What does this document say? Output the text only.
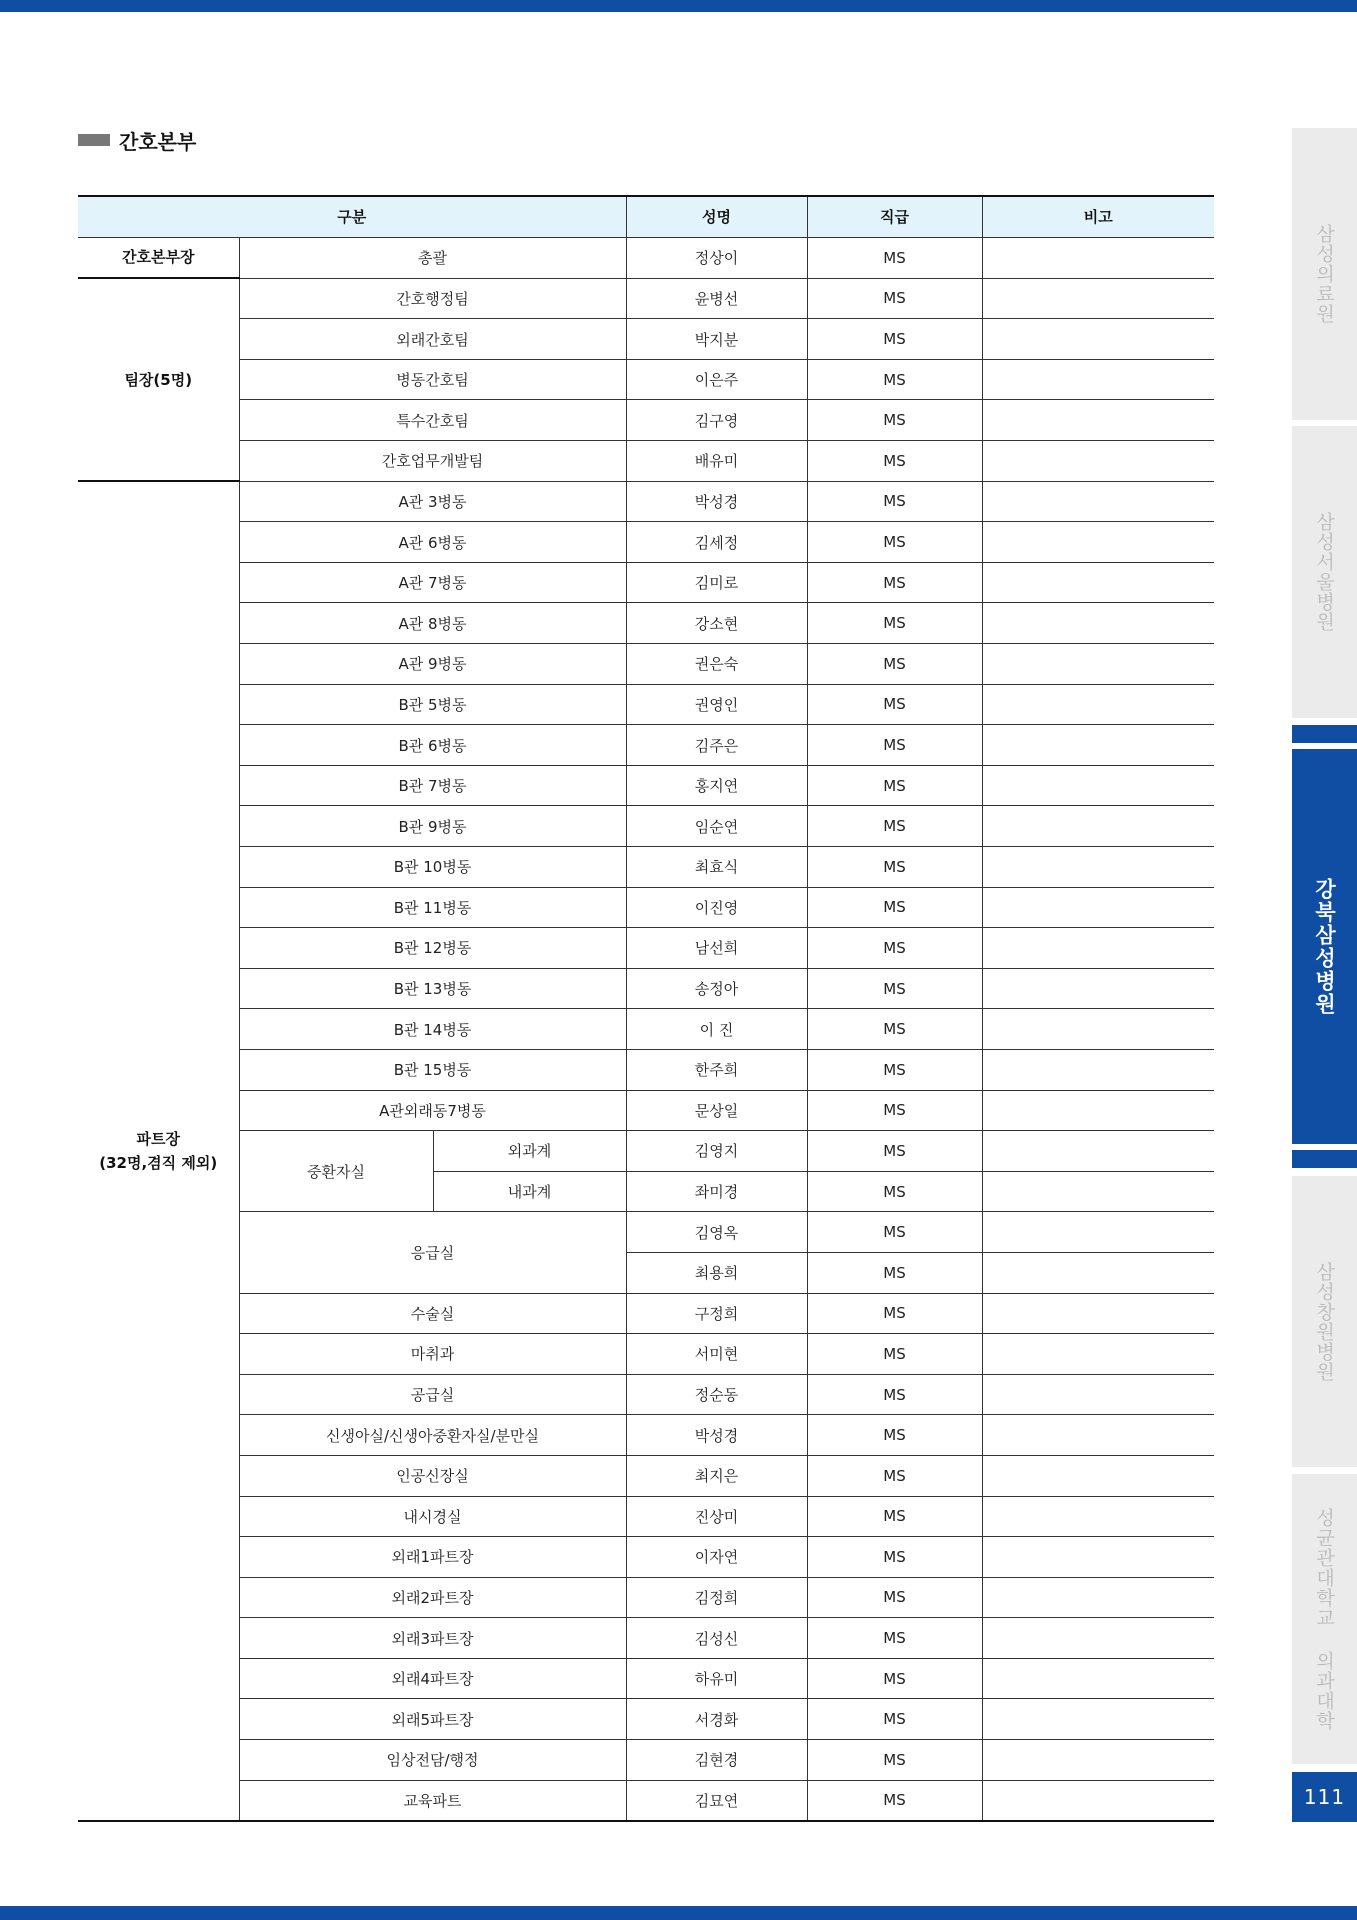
간호본부
구분			성명	직급	비고
간호본부장	총괄		정상이	MS	
팀장(5명)	간호행정팀		윤병선	MS	
	외래간호팀		박지분	MS	
	병동간호팀		이은주	MS	
	특수간호팀		김구영	MS	
	간호업무개발팀		배유미	MS	

파트장
(32명,겸직 제외)	A관 3병동		박성경	MS	
	A관 6병동		김세정	MS	
	A관 7병동		김미로	MS	
	A관 8병동		강소현	MS	
	A관 9병동		권은숙	MS	
	B관 5병동		권영인	MS	
	B관 6병동		김주은	MS	
	B관 7병동		홍지연	MS	
	B관 9병동		임순연	MS	
	B관 10병동		최효식	MS	
	B관 11병동		이진영	MS	
	B관 12병동		남선희	MS	
	B관 13병동		송정아	MS	
	B관 14병동		이 진	MS	
	B관 15병동		한주희	MS	
	A관외래동7병동		문상일	MS	
	중환자실	외과계	김영지	MS	
		내과계	좌미경	MS	
	응급실		김영옥	MS	
			최용희	MS	
	수술실		구정희	MS	
	마취과		서미현	MS	
	공급실		정순동	MS	
	신생아실/신생아중환자실/분만실		박성경	MS	
	인공신장실		최지은	MS	
	내시경실		진상미	MS	
	외래1파트장		이자연	MS	
	외래2파트장		김정희	MS	
	외래3파트장		김성신	MS	
	외래4파트장		하유미	MS	
	외래5파트장		서경화	MS	
	임상전담/행정		김현경	MS	
	교육파트		김묘연	MS	
삼성의료원
삼성서울병원
강북삼성병원
삼성창원병원
성균관대학교 의과대학
111
